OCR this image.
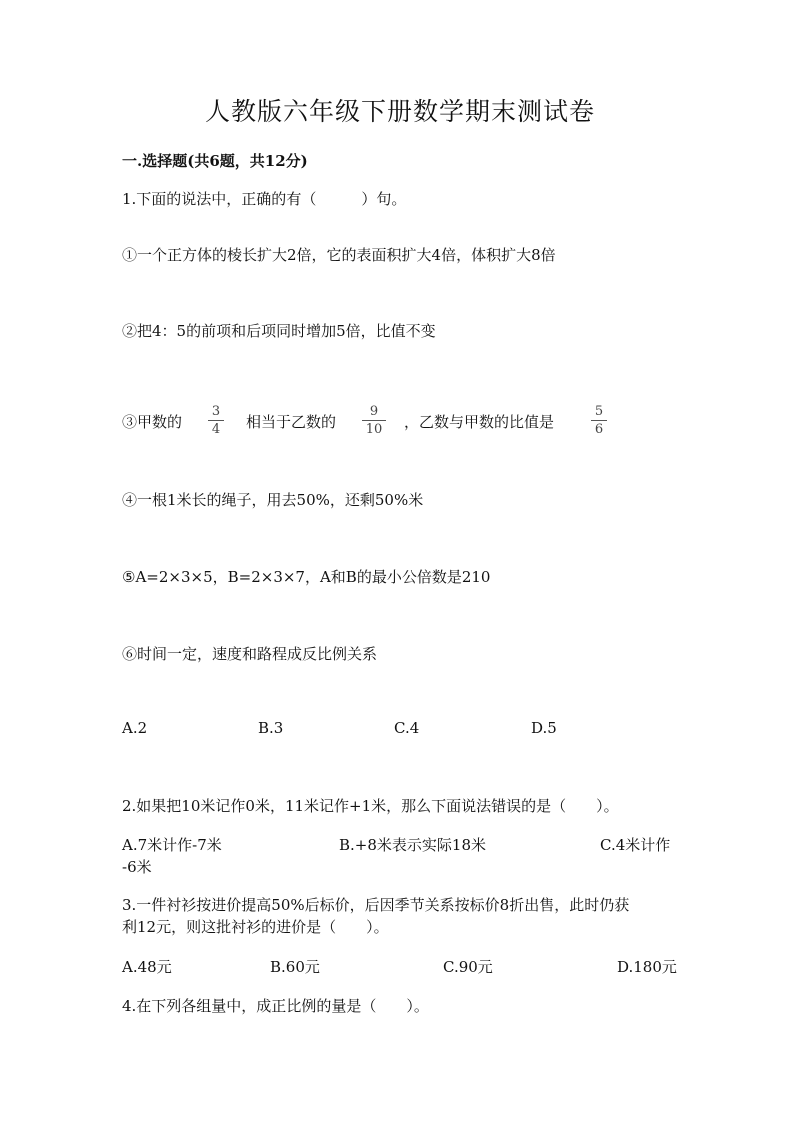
人教版六年级下册数学期末测试卷
一.选择题(共6题，共12分)
1.下面的说法中，正确的有（　　　）句。
①一个正方体的棱长扩大2倍，它的表面积扩大4倍，体积扩大8倍
②把4：5的前项和后项同时增加5倍，比值不变
③甲数的
3
4 相当于乙数的
9
10 ，乙数与甲数的比值是
5
6
④一根1米长的绳子，用去50%，还剩50%米
⑤A=2×3×5，B=2×3×7，A和B的最小公倍数是210
⑥时间一定，速度和路程成反比例关系
A.2	B.3	C.4	D.5
2.如果把10米记作0米，11米记作+1米，那么下面说法错误的是（　　）。
A.7米计作-7米	B.+8米表示实际18米	C.4米计作
-6米
3.一件衬衫按进价提高50%后标价，后因季节关系按标价8折出售，此时仍获
利12元，则这批衬衫的进价是（　　）。
A.48元	B.60元	C.90元	D.180元
4.在下列各组量中，成正比例的量是（　　）。
